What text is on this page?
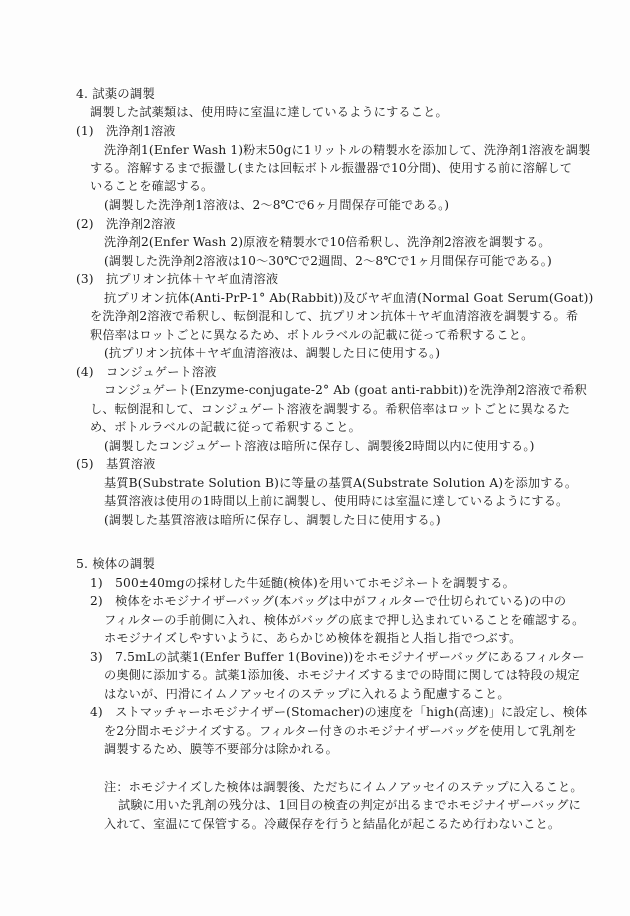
4. 試薬の調製
調製した試薬類は、使用時に室温に達しているようにすること。
(1)　洗浄剤1溶液
洗浄剤1(Enfer Wash 1)粉末50gに1リットルの精製水を添加して、洗浄剤1溶液を調製
する。溶解するまで振盪し(または回転ボトル振盪器で10分間)、使用する前に溶解して
いることを確認する。
(調製した洗浄剤1溶液は、2～8℃で6ヶ月間保存可能である。)
(2)　洗浄剤2溶液
洗浄剤2(Enfer Wash 2)原液を精製水で10倍希釈し、洗浄剤2溶液を調製する。
(調製した洗浄剤2溶液は10～30℃で2週間、2～8℃で1ヶ月間保存可能である。)
(3)　抗プリオン抗体＋ヤギ血清溶液
抗プリオン抗体(Anti-PrP-1° Ab(Rabbit))及びヤギ血清(Normal Goat Serum(Goat))
を洗浄剤2溶液で希釈し、転倒混和して、抗プリオン抗体＋ヤギ血清溶液を調製する。希
釈倍率はロットごとに異なるため、ボトルラベルの記載に従って希釈すること。
(抗プリオン抗体＋ヤギ血清溶液は、調製した日に使用する。)
(4)　コンジュゲート溶液
コンジュゲート(Enzyme-conjugate-2° Ab (goat anti-rabbit))を洗浄剤2溶液で希釈
し、転倒混和して、コンジュゲート溶液を調製する。希釈倍率はロットごとに異なるた
め、ボトルラベルの記載に従って希釈すること。
(調製したコンジュゲート溶液は暗所に保存し、調製後2時間以内に使用する。)
(5)　基質溶液
基質B(Substrate Solution B)に等量の基質A(Substrate Solution A)を添加する。
基質溶液は使用の1時間以上前に調製し、使用時には室温に達しているようにする。
(調製した基質溶液は暗所に保存し、調製した日に使用する。)
5. 検体の調製
1)　500±40mgの採材した牛延髄(検体)を用いてホモジネートを調製する。
2)　検体をホモジナイザーバッグ(本バッグは中がフィルターで仕切られている)の中の
フィルターの手前側に入れ、検体がバッグの底まで押し込まれていることを確認する。
ホモジナイズしやすいように、あらかじめ検体を親指と人指し指でつぶす。
3)　7.5mLの試薬1(Enfer Buffer 1(Bovine))をホモジナイザーバッグにあるフィルター
の奥側に添加する。試薬1添加後、ホモジナイズするまでの時間に関しては特段の規定
はないが、円滑にイムノアッセイのステップに入れるよう配慮すること。
4)　ストマッチャーホモジナイザー(Stomacher)の速度を「high(高速)」に設定し、検体
を2分間ホモジナイズする。フィルター付きのホモジナイザーバッグを使用して乳剤を
調製するため、膜等不要部分は除かれる。
注：ホモジナイズした検体は調製後、ただちにイムノアッセイのステップに入ること。
試験に用いた乳剤の残分は、1回目の検査の判定が出るまでホモジナイザーバッグに
入れて、室温にて保管する。冷蔵保存を行うと結晶化が起こるため行わないこと。
